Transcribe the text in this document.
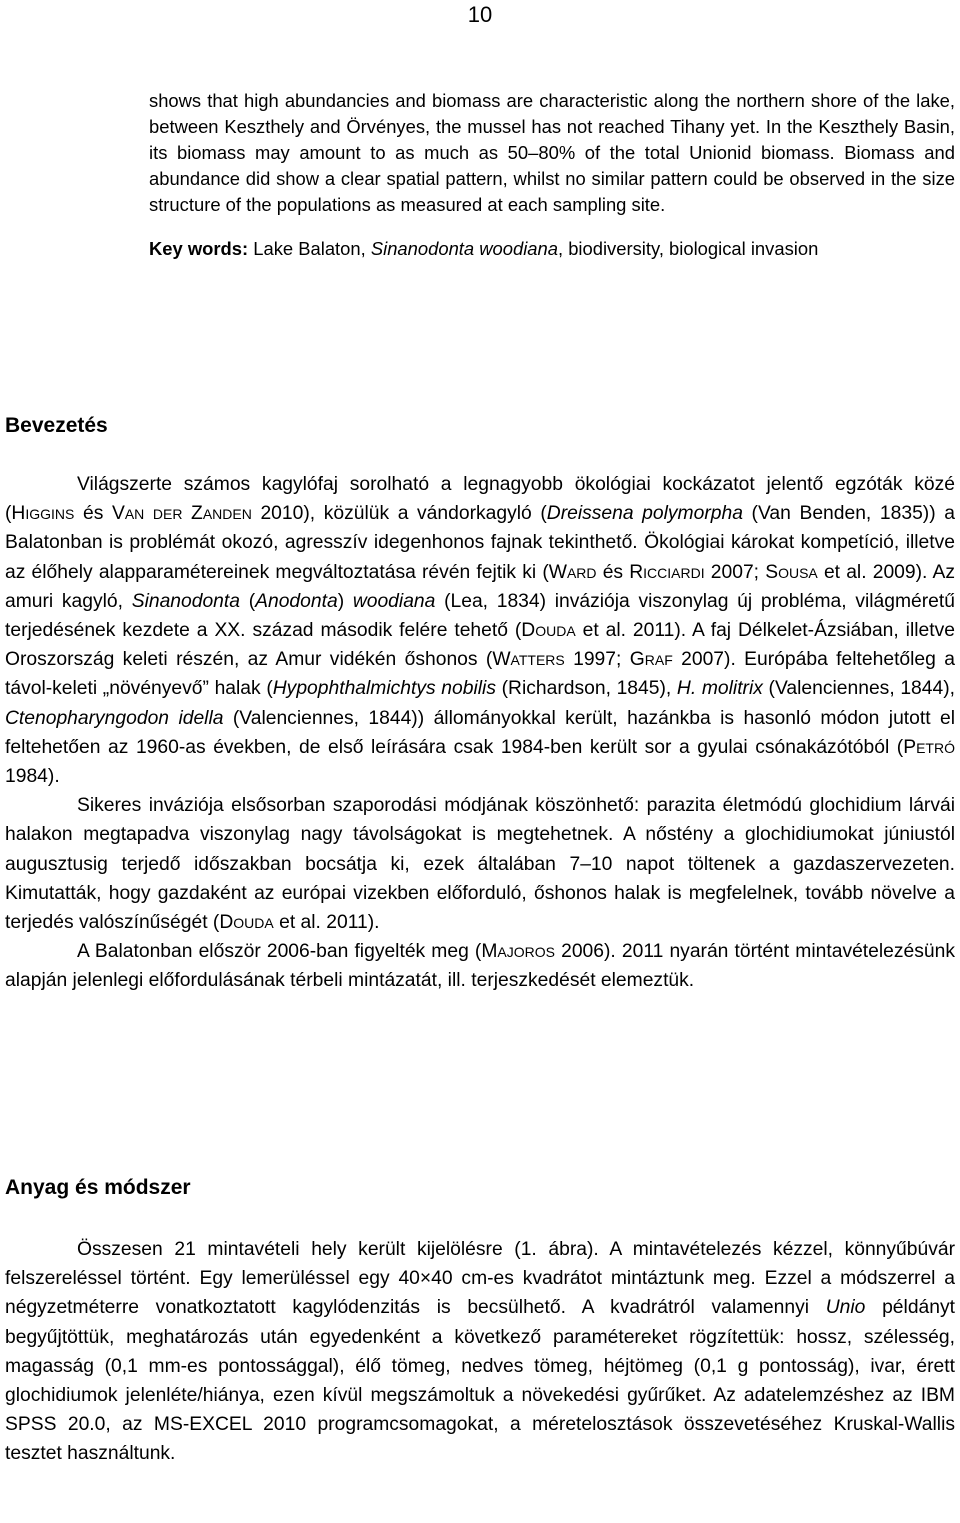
10

shows that high abundancies and biomass are characteristic along the northern shore of the lake, between Keszthely and Örvényes, the mussel has not reached Tihany yet. In the Keszthely Basin, its biomass may amount to as much as 50–80% of the total Unionid biomass. Biomass and abundance did show a clear spatial pattern, whilst no similar pattern could be observed in the size structure of the populations as measured at each sampling site.

Key words: Lake Balaton, Sinanodonta woodiana, biodiversity, biological invasion

Bevezetés

Világszerte számos kagylófaj sorolható a legnagyobb ökológiai kockázatot jelentő egzóták közé (Higgins és Van der Zanden 2010), közülük a vándorkagyló (Dreissena polymorpha (Van Benden, 1835)) a Balatonban is problémát okozó, agresszív idegenhonos fajnak tekinthető. Ökológiai károkat kompetíció, illetve az élőhely alapparamétereinek megváltoztatása révén fejtik ki (Ward és Ricciardi 2007; Sousa et al. 2009). Az amuri kagyló, Sinanodonta (Anodonta) woodiana (Lea, 1834) inváziója viszonylag új probléma, világméretű terjedésének kezdete a XX. század második felére tehető (Douda et al. 2011). A faj Délkelet-Ázsiában, illetve Oroszország keleti részén, az Amur vidékén őshonos (Watters 1997; Graf 2007). Európába feltehetőleg a távol-keleti „növényevő” halak (Hypophthalmichtys nobilis (Richardson, 1845), H. molitrix (Valenciennes, 1844), Ctenopharyngodon idella (Valenciennes, 1844)) állományokkal került, hazánkba is hasonló módon jutott el feltehetően az 1960-as években, de első leírására csak 1984-ben került sor a gyulai csónakázótóból (Petró 1984).

Sikeres inváziója elsősorban szaporodási módjának köszönhető: parazita életmódú glochidium lárvái halakon megtapadva viszonylag nagy távolságokat is megtehetnek. A nőstény a glochidiumokat júniustól augusztusig terjedő időszakban bocsátja ki, ezek általában 7–10 napot töltenek a gazdaszervezeten. Kimutatták, hogy gazdaként az európai vizekben előforduló, őshonos halak is megfelelnek, tovább növelve a terjedés valószínűségét (Douda et al. 2011).

A Balatonban először 2006-ban figyelték meg (Majoros 2006). 2011 nyarán történt mintavételezésünk alapján jelenlegi előfordulásának térbeli mintázatát, ill. terjeszkedését elemeztük.

Anyag és módszer

Összesen 21 mintavételi hely került kijelölésre (1. ábra). A mintavételezés kézzel, könnyűbúvár felszereléssel történt. Egy lemerüléssel egy 40×40 cm-es kvadrátot mintáztunk meg. Ezzel a módszerrel a négyzetméterre vonatkoztatott kagylódenzitás is becsülhető. A kvadrátról valamennyi Unio példányt begyűjtöttük, meghatározás után egyedenként a következő paramétereket rögzítettük: hossz, szélesség, magasság (0,1 mm-es pontossággal), élő tömeg, nedves tömeg, héjtömeg (0,1 g pontosság), ivar, érett glochidiumok jelenléte/hiánya, ezen kívül megszámoltuk a növekedési gyűrűket. Az adatelemzéshez az IBM SPSS 20.0, az MS-EXCEL 2010 programcsomagokat, a méretelosztások összevetéséhez Kruskal-Wallis tesztet használtunk.
